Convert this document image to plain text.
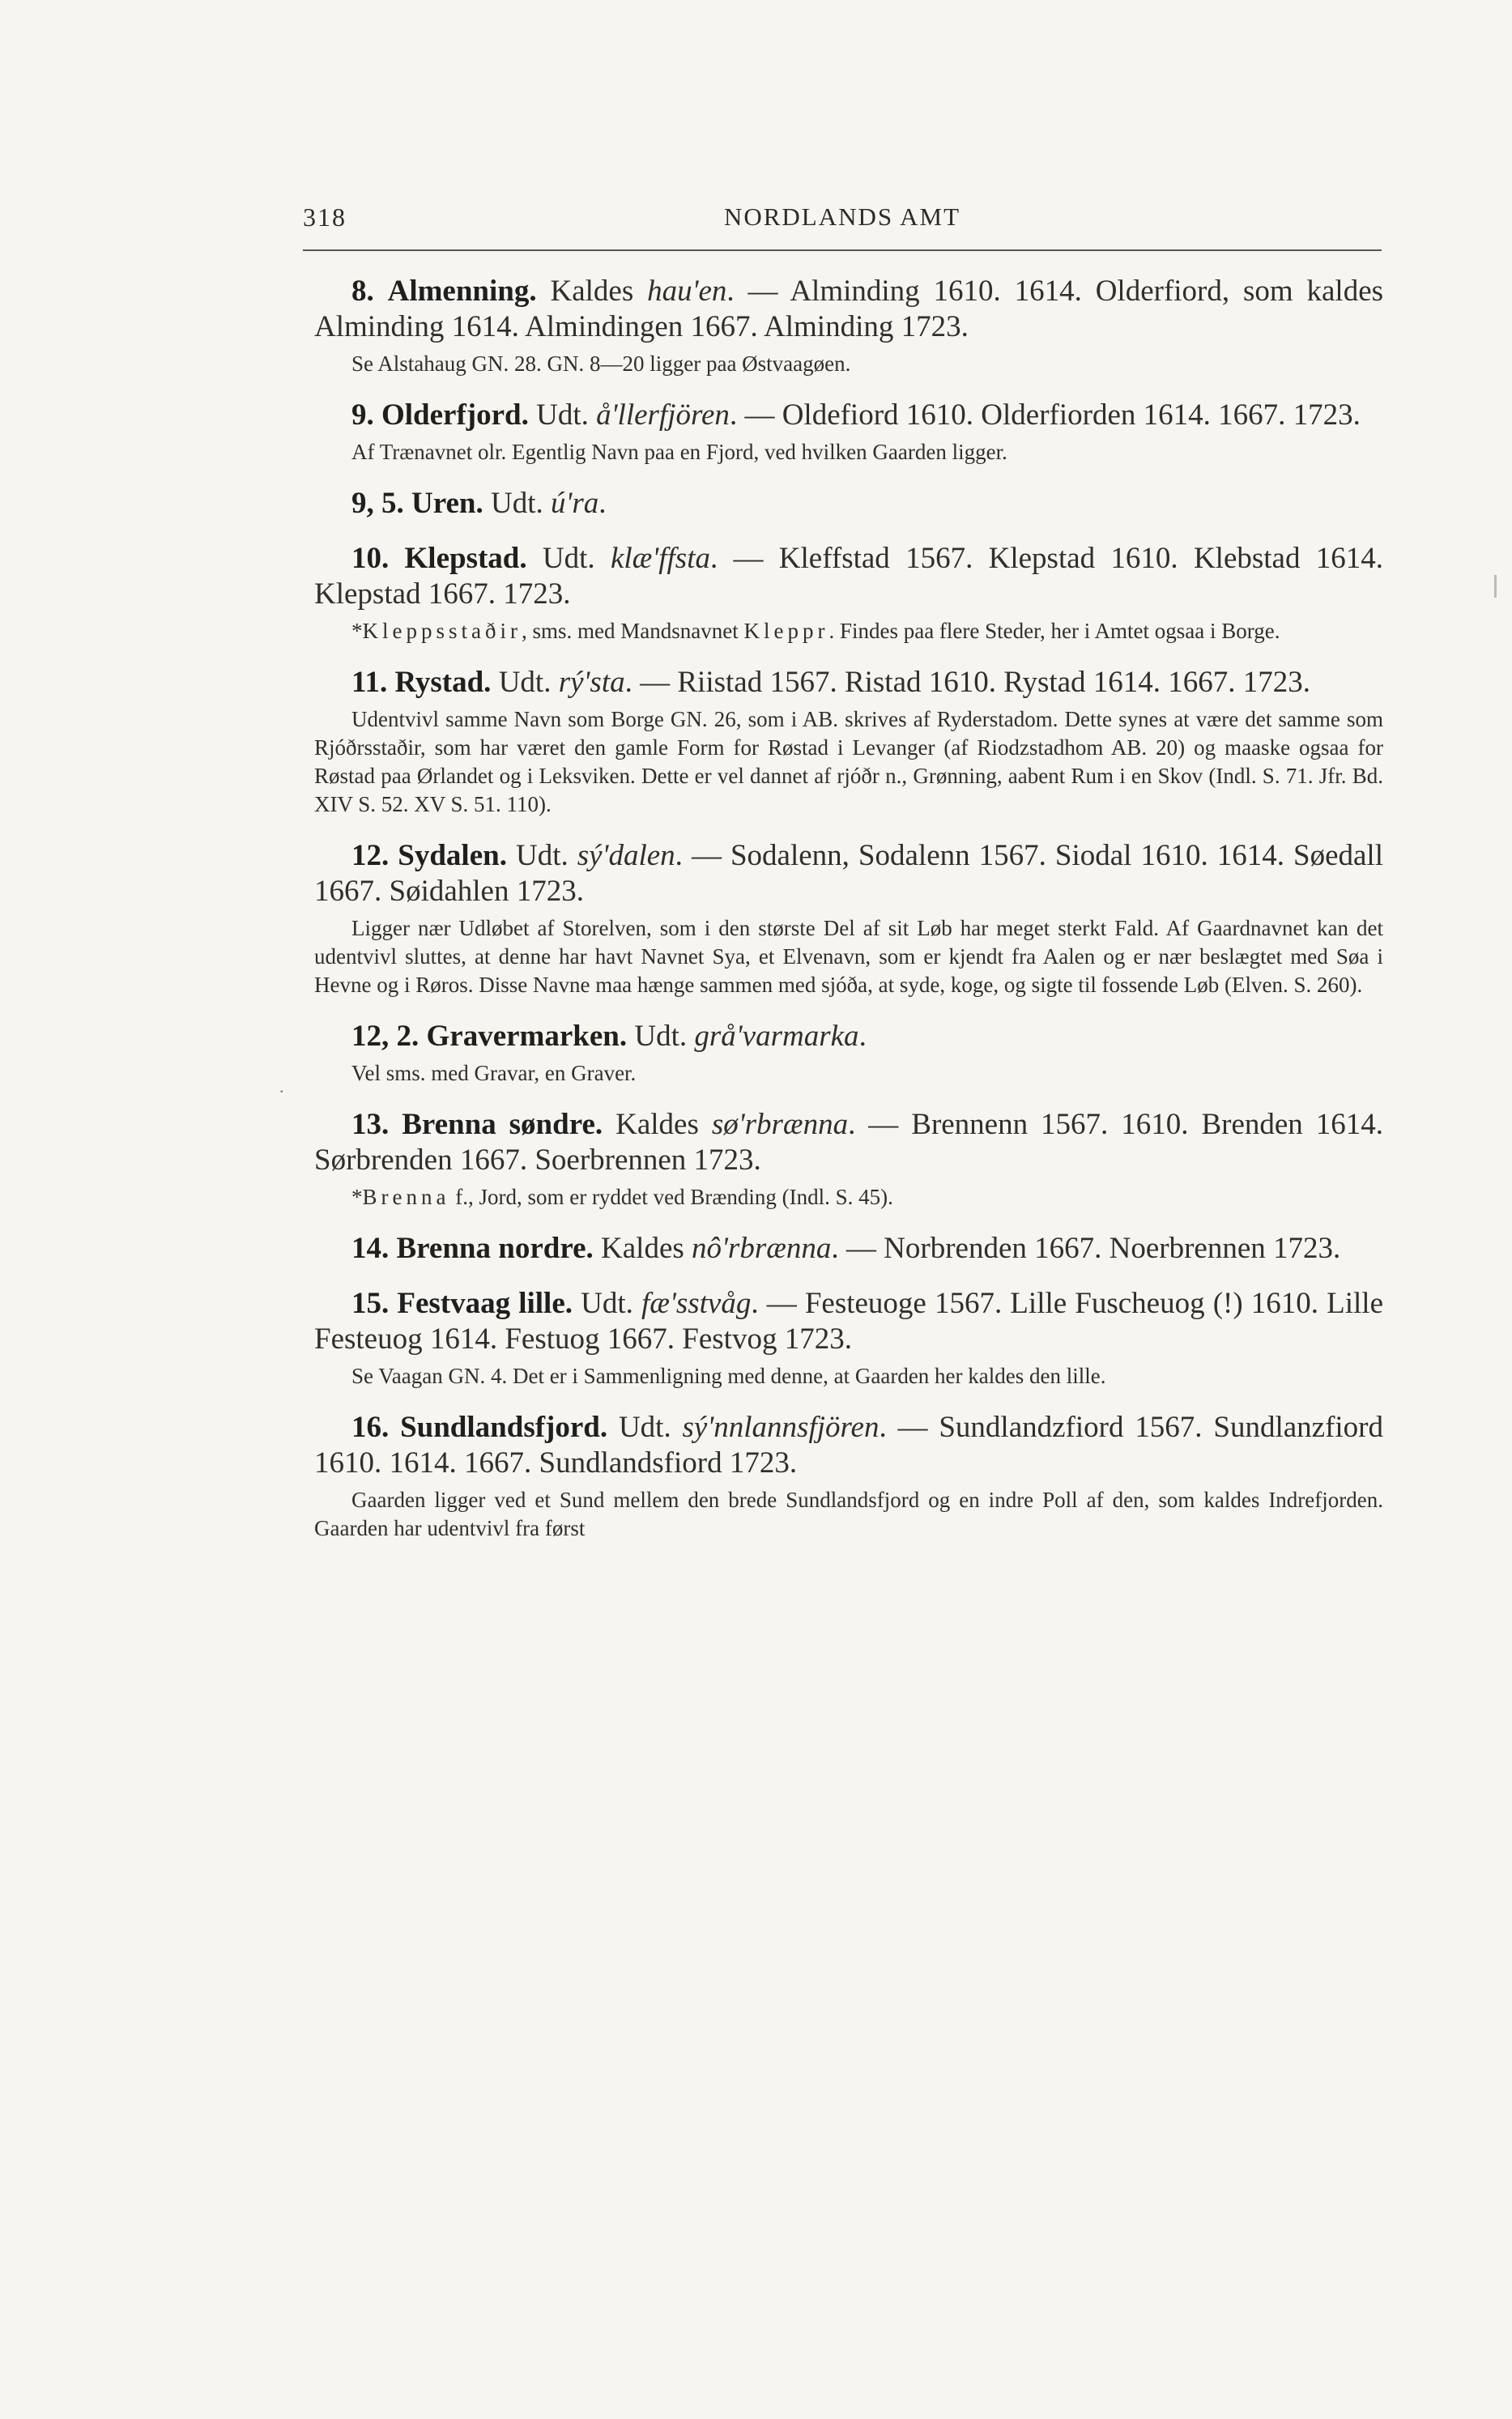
.
318	NORDLANDS AMT

8. Almenning. Kaldes hau'en. — Alminding 1610. 1614. Olderfiord, som kaldes Alminding 1614. Almindingen 1667. Alminding 1723.

Se Alstahaug GN. 28. GN. 8—20 ligger paa Østvaagøen.

9. Olderfjord. Udt. å'llerfjören. — Oldefiord 1610. Olderfiorden 1614. 1667. 1723.

Af Trænavnet olr. Egentlig Navn paa en Fjord, ved hvilken Gaarden ligger.

9, 5. Uren. Udt. ú'ra.

10. Klepstad. Udt. klæ'ffsta. — Kleffstad 1567. Klepstad 1610. Klebstad 1614. Klepstad 1667. 1723.

*Kleppsstaðir, sms. med Mandsnavnet Kleppr. Findes paa flere Steder, her i Amtet ogsaa i Borge.

11. Rystad. Udt. rý'sta. — Riistad 1567. Ristad 1610. Rystad 1614. 1667. 1723.

Udentvivl samme Navn som Borge GN. 26, som i AB. skrives af Ryderstadom. Dette synes at være det samme som Rjóðrsstaðir, som har været den gamle Form for Røstad i Levanger (af Riodzstadhom AB. 20) og maaske ogsaa for Røstad paa Ørlandet og i Leksviken. Dette er vel dannet af rjóðr n., Grønning, aabent Rum i en Skov (Indl. S. 71. Jfr. Bd. XIV S. 52. XV S. 51. 110).

12. Sydalen. Udt. sý'dalen. — Sodalenn, Sodalenn 1567. Siodal 1610. 1614. Søedall 1667. Søidahlen 1723.

Ligger nær Udløbet af Storelven, som i den største Del af sit Løb har meget sterkt Fald. Af Gaardnavnet kan det udentvivl sluttes, at denne har havt Navnet Sya, et Elvenavn, som er kjendt fra Aalen og er nær beslægtet med Søa i Hevne og i Røros. Disse Navne maa hænge sammen med sjóða, at syde, koge, og sigte til fossende Løb (Elven. S. 260).

12, 2. Gravermarken. Udt. grå'varmarka.

Vel sms. med Gravar, en Graver.

13. Brenna søndre. Kaldes sø'rbrænna. — Brennenn 1567. 1610. Brenden 1614. Sørbrenden 1667. Soerbrennen 1723.

*Brenna f., Jord, som er ryddet ved Brænding (Indl. S. 45).

14. Brenna nordre. Kaldes nô'rbrænna. — Norbrenden 1667. Noerbrennen 1723.

15. Festvaag lille. Udt. fæ'sstvåg. — Festeuoge 1567. Lille Fuscheuog (!) 1610. Lille Festeuog 1614. Festuog 1667. Festvog 1723.

Se Vaagan GN. 4. Det er i Sammenligning med denne, at Gaarden her kaldes den lille.

16. Sundlandsfjord. Udt. sý'nnlannsfjören. — Sundlandzfiord 1567. Sundlanzfiord 1610. 1614. 1667. Sundlandsfiord 1723.

Gaarden ligger ved et Sund mellem den brede Sundlandsfjord og en indre Poll af den, som kaldes Indrefjorden. Gaarden har udentvivl fra først
